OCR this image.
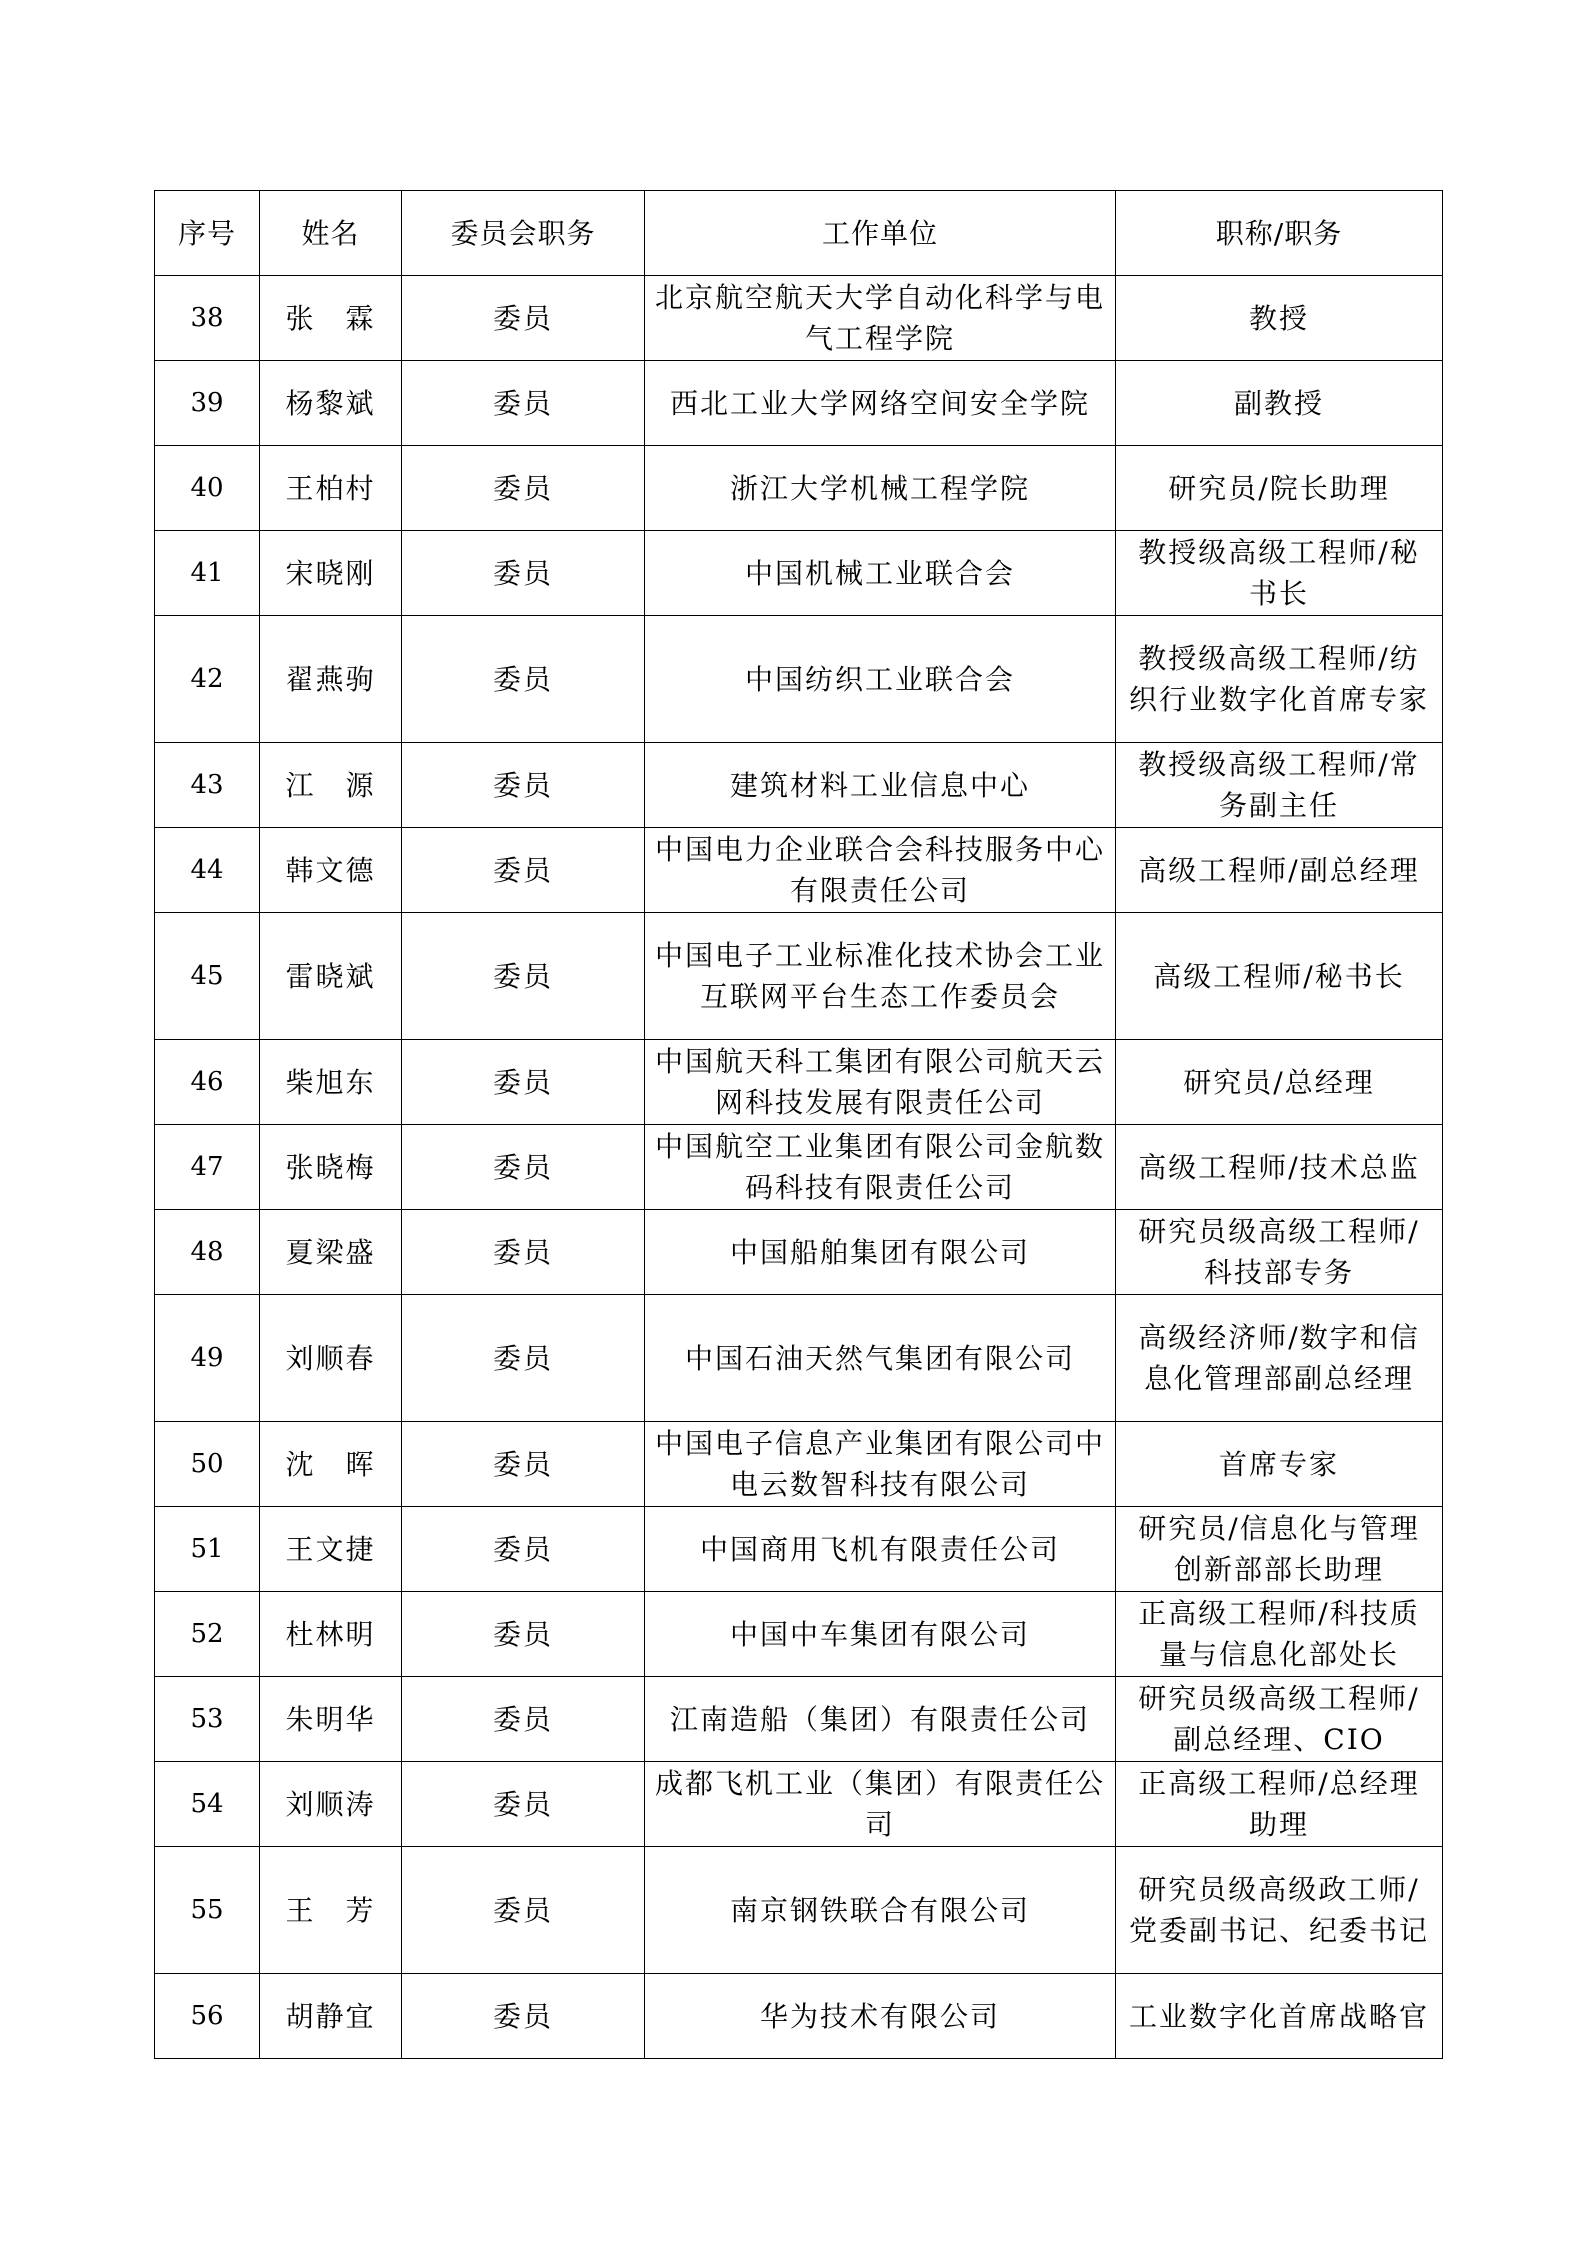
序号	姓名	委员会职务	工作单位	职称/职务
38	张　霖	委员	北京航空航天大学自动化科学与电气工程学院	教授
39	杨黎斌	委员	西北工业大学网络空间安全学院	副教授
40	王柏村	委员	浙江大学机械工程学院	研究员/院长助理
41	宋晓刚	委员	中国机械工业联合会	教授级高级工程师/秘书长
42	翟燕驹	委员	中国纺织工业联合会	教授级高级工程师/纺织行业数字化首席专家
43	江　源	委员	建筑材料工业信息中心	教授级高级工程师/常务副主任
44	韩文德	委员	中国电力企业联合会科技服务中心有限责任公司	高级工程师/副总经理
45	雷晓斌	委员	中国电子工业标准化技术协会工业互联网平台生态工作委员会	高级工程师/秘书长
46	柴旭东	委员	中国航天科工集团有限公司航天云网科技发展有限责任公司	研究员/总经理
47	张晓梅	委员	中国航空工业集团有限公司金航数码科技有限责任公司	高级工程师/技术总监
48	夏梁盛	委员	中国船舶集团有限公司	研究员级高级工程师/科技部专务
49	刘顺春	委员	中国石油天然气集团有限公司	高级经济师/数字和信息化管理部副总经理
50	沈　晖	委员	中国电子信息产业集团有限公司中电云数智科技有限公司	首席专家
51	王文捷	委员	中国商用飞机有限责任公司	研究员/信息化与管理创新部部长助理
52	杜林明	委员	中国中车集团有限公司	正高级工程师/科技质量与信息化部处长
53	朱明华	委员	江南造船（集团）有限责任公司	研究员级高级工程师/副总经理、CIO
54	刘顺涛	委员	成都飞机工业（集团）有限责任公司	正高级工程师/总经理助理
55	王　芳	委员	南京钢铁联合有限公司	研究员级高级政工师/党委副书记、纪委书记
56	胡静宜	委员	华为技术有限公司	工业数字化首席战略官
